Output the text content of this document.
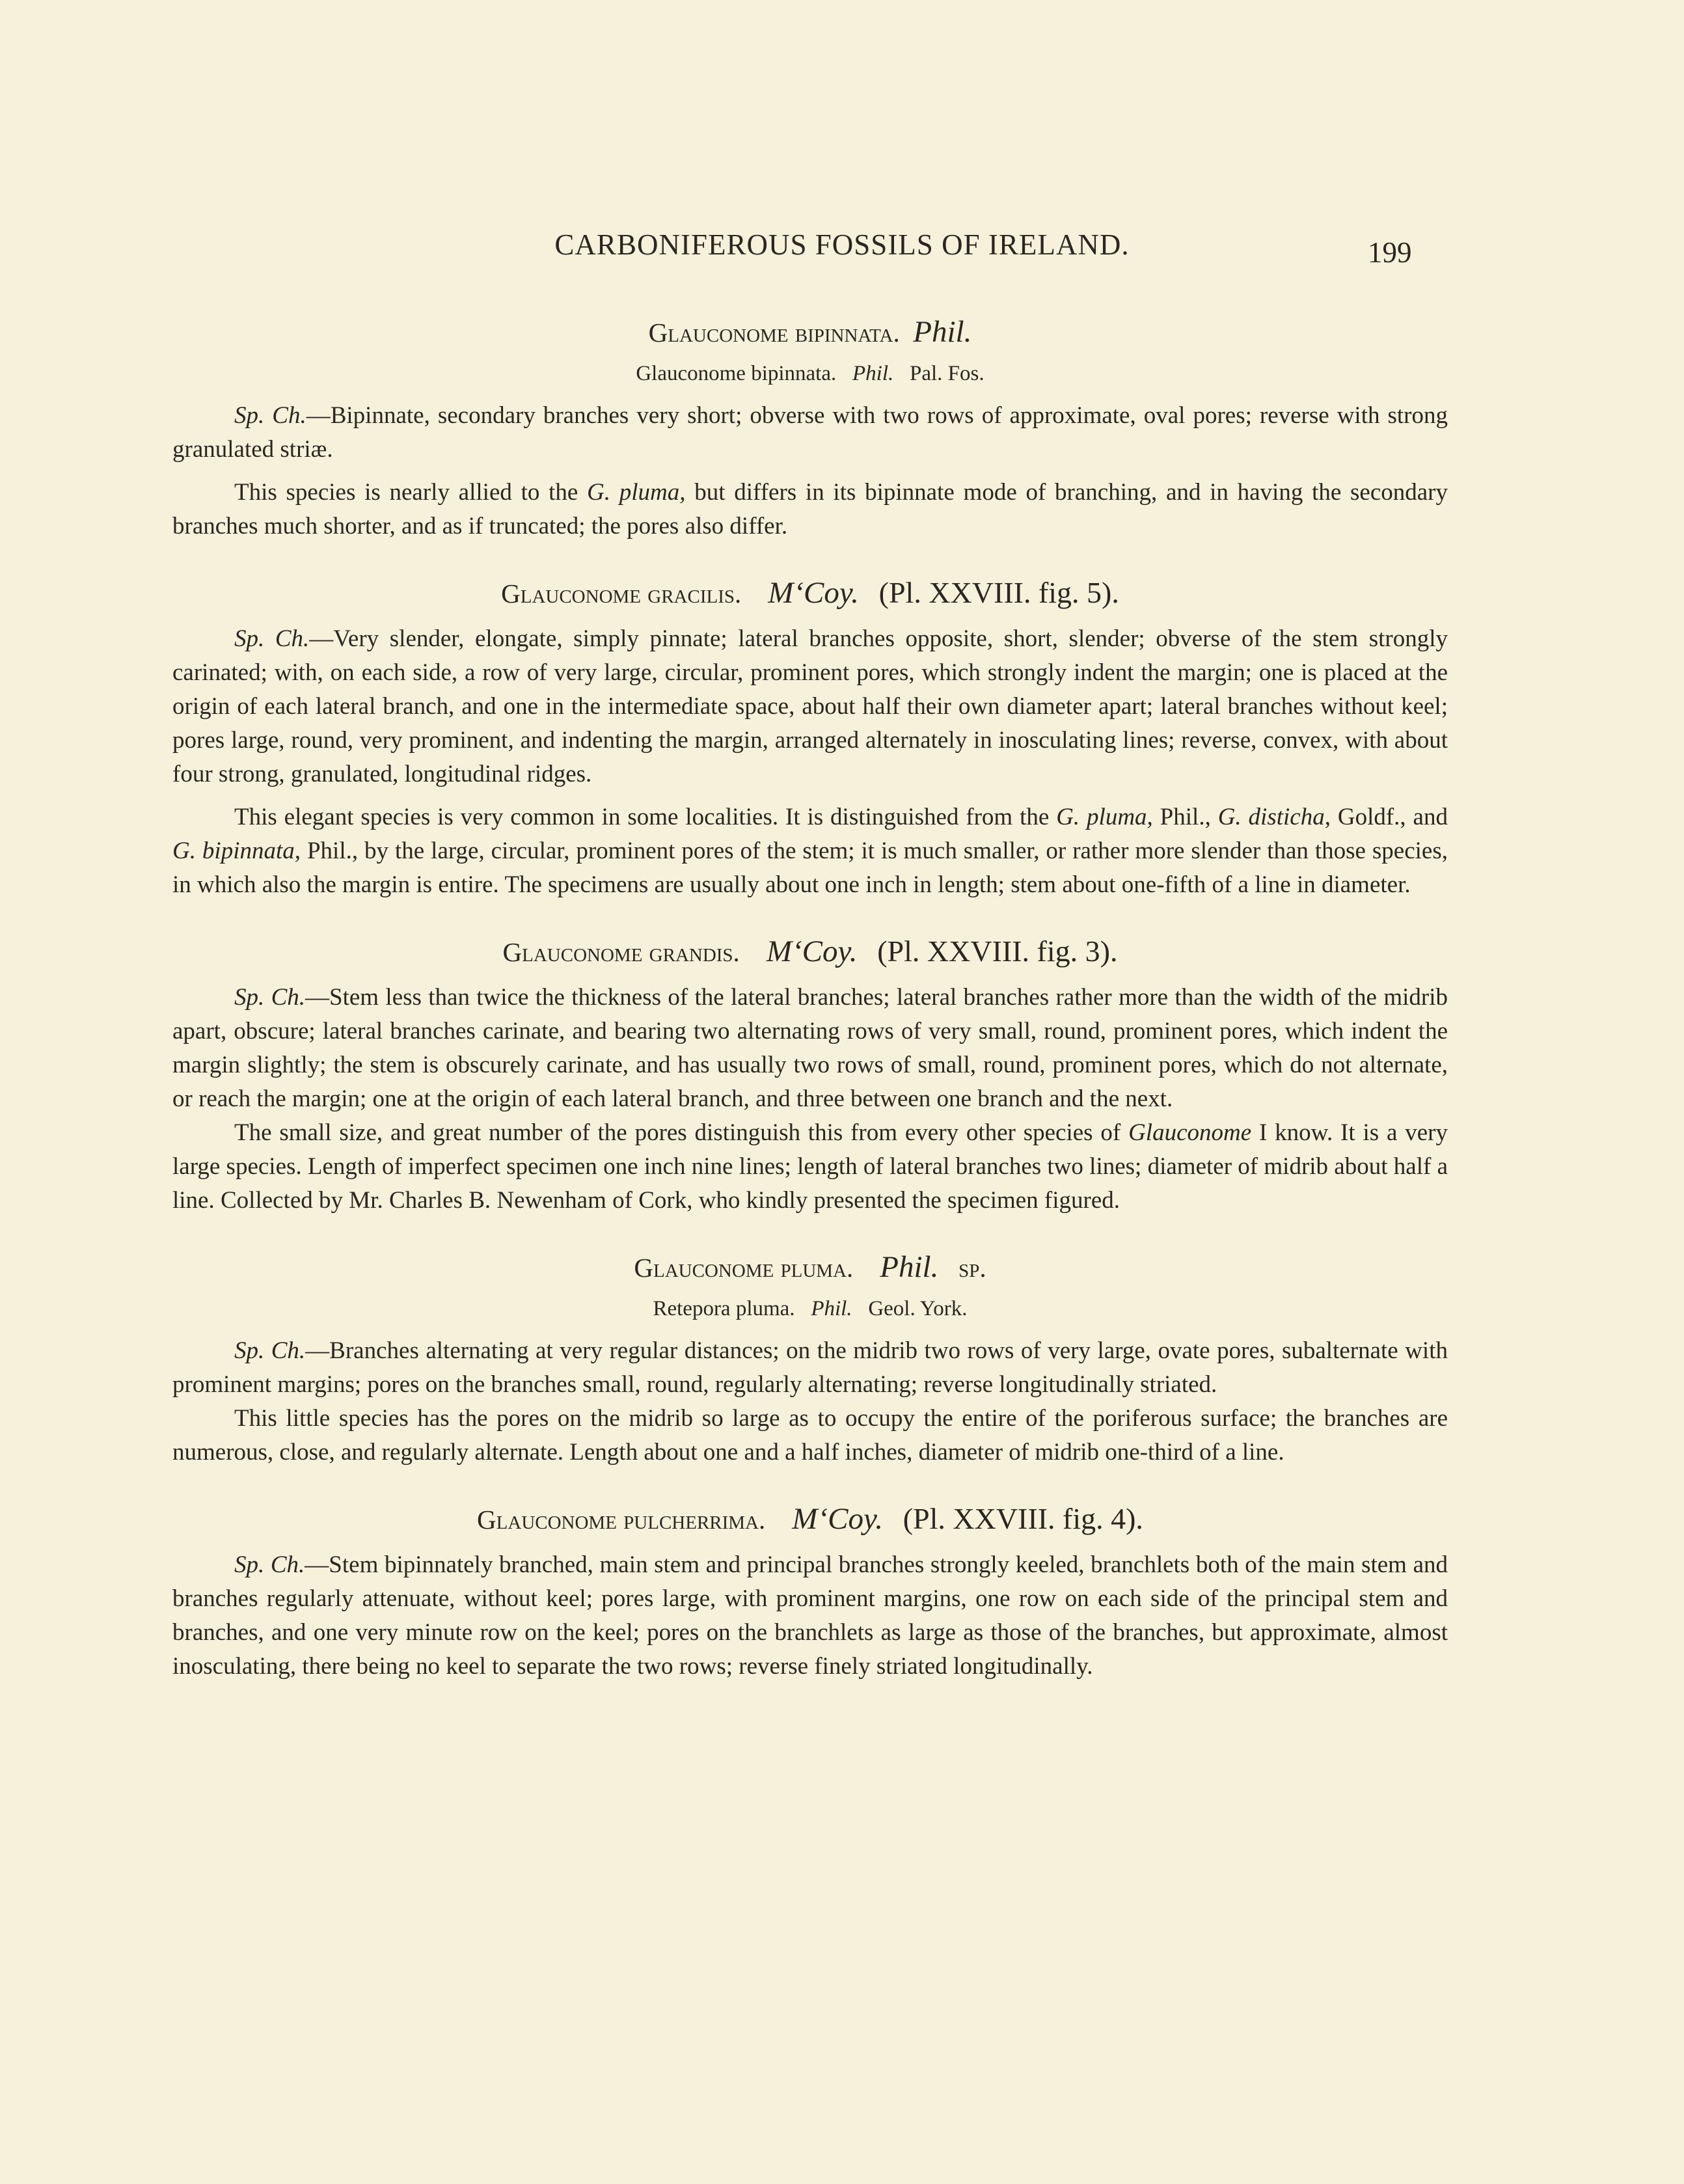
CARBONIFEROUS FOSSILS OF IRELAND.	199
Glauconome bipinnata. Phil.

Glauconome bipinnata. Phil. Pal. Fos.

Sp. Ch.—Bipinnate, secondary branches very short; obverse with two rows of approximate, oval pores; reverse with strong granulated striæ.

This species is nearly allied to the G. pluma, but differs in its bipinnate mode of branching, and in having the secondary branches much shorter, and as if truncated; the pores also differ.

Glauconome gracilis. M‘Coy. (Pl. XXVIII. fig. 5).

Sp. Ch.—Very slender, elongate, simply pinnate; lateral branches opposite, short, slender; obverse of the stem strongly carinated; with, on each side, a row of very large, circular, prominent pores, which strongly indent the margin; one is placed at the origin of each lateral branch, and one in the intermediate space, about half their own diameter apart; lateral branches without keel; pores large, round, very prominent, and indenting the margin, arranged alternately in inosculating lines; reverse, convex, with about four strong, granulated, longitudinal ridges.

This elegant species is very common in some localities. It is distinguished from the G. pluma, Phil., G. disticha, Goldf., and G. bipinnata, Phil., by the large, circular, prominent pores of the stem; it is much smaller, or rather more slender than those species, in which also the margin is entire. The specimens are usually about one inch in length; stem about one-fifth of a line in diameter.

Glauconome grandis. M‘Coy. (Pl. XXVIII. fig. 3).

Sp. Ch.—Stem less than twice the thickness of the lateral branches; lateral branches rather more than the width of the midrib apart, obscure; lateral branches carinate, and bearing two alternating rows of very small, round, prominent pores, which indent the margin slightly; the stem is obscurely carinate, and has usually two rows of small, round, prominent pores, which do not alternate, or reach the margin; one at the origin of each lateral branch, and three between one branch and the next.

The small size, and great number of the pores distinguish this from every other species of Glauconome I know. It is a very large species. Length of imperfect specimen one inch nine lines; length of lateral branches two lines; diameter of midrib about half a line. Collected by Mr. Charles B. Newenham of Cork, who kindly presented the specimen figured.

Glauconome pluma. Phil. sp.

Retepora pluma. Phil. Geol. York.

Sp. Ch.—Branches alternating at very regular distances; on the midrib two rows of very large, ovate pores, subalternate with prominent margins; pores on the branches small, round, regularly alternating; reverse longitudinally striated.

This little species has the pores on the midrib so large as to occupy the entire of the poriferous surface; the branches are numerous, close, and regularly alternate. Length about one and a half inches, diameter of midrib one-third of a line.

Glauconome pulcherrima. M‘Coy. (Pl. XXVIII. fig. 4).

Sp. Ch.—Stem bipinnately branched, main stem and principal branches strongly keeled, branchlets both of the main stem and branches regularly attenuate, without keel; pores large, with prominent margins, one row on each side of the principal stem and branches, and one very minute row on the keel; pores on the branchlets as large as those of the branches, but approximate, almost inosculating, there being no keel to separate the two rows; reverse finely striated longitudinally.
